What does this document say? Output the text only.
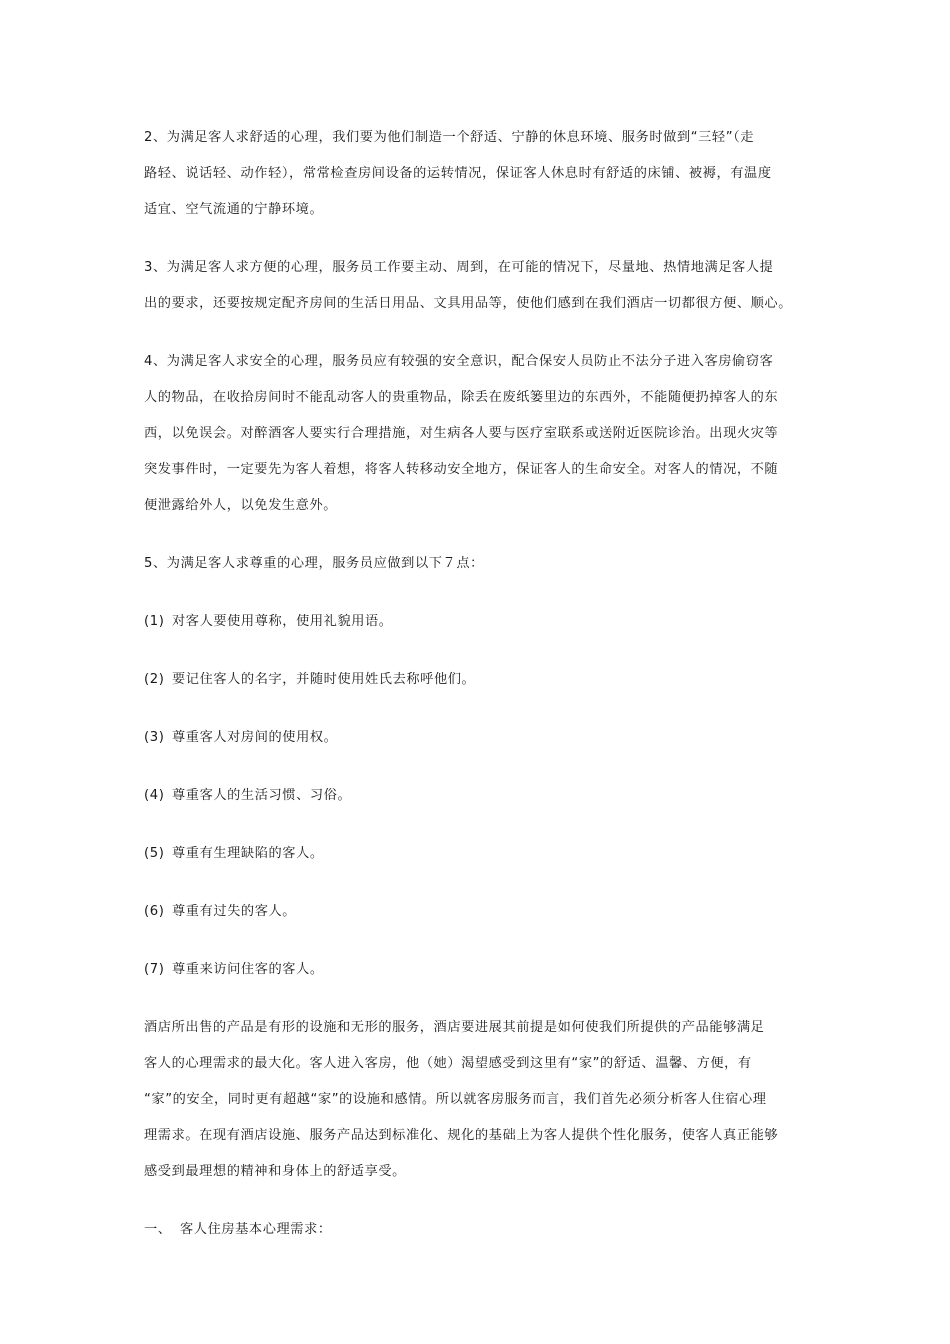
2、为满足客人求舒适的心理，我们要为他们制造一个舒适、宁静的休息环境、服务时做到“三轻”（走
路轻、说话轻、动作轻），常常检查房间设备的运转情况，保证客人休息时有舒适的床铺、被褥，有温度
适宜、空气流通的宁静环境。

3、为满足客人求方便的心理，服务员工作要主动、周到，在可能的情况下，尽量地、热情地满足客人提
出的要求，还要按规定配齐房间的生活日用品、文具用品等，使他们感到在我们酒店一切都很方便、顺心。

4、为满足客人求安全的心理，服务员应有较强的安全意识，配合保安人员防止不法分子进入客房偷窃客
人的物品，在收拾房间时不能乱动客人的贵重物品，除丢在废纸篓里边的东西外，不能随便扔掉客人的东
西，以免误会。对醉酒客人要实行合理措施，对生病各人要与医疗室联系或送附近医院诊治。出现火灾等
突发事件时，一定要先为客人着想，将客人转移动安全地方，保证客人的生命安全。对客人的情况，不随
便泄露给外人，以免发生意外。

5、为满足客人求尊重的心理，服务员应做到以下７点：

(1) 对客人要使用尊称，使用礼貌用语。

(2) 要记住客人的名字，并随时使用姓氏去称呼他们。

(3) 尊重客人对房间的使用权。

(4) 尊重客人的生活习惯、习俗。

(5) 尊重有生理缺陷的客人。

(6) 尊重有过失的客人。

(7) 尊重来访问住客的客人。

酒店所出售的产品是有形的设施和无形的服务，酒店要进展其前提是如何使我们所提供的产品能够满足
客人的心理需求的最大化。客人进入客房，他（她）渴望感受到这里有“家”的舒适、温馨、方便，有
“家”的安全，同时更有超越“家”的设施和感情。所以就客房服务而言，我们首先必须分析客人住宿心理
理需求。在现有酒店设施、服务产品达到标准化、规化的基础上为客人提供个性化服务，使客人真正能够
感受到最理想的精神和身体上的舒适享受。

一、 客人住房基本心理需求：
